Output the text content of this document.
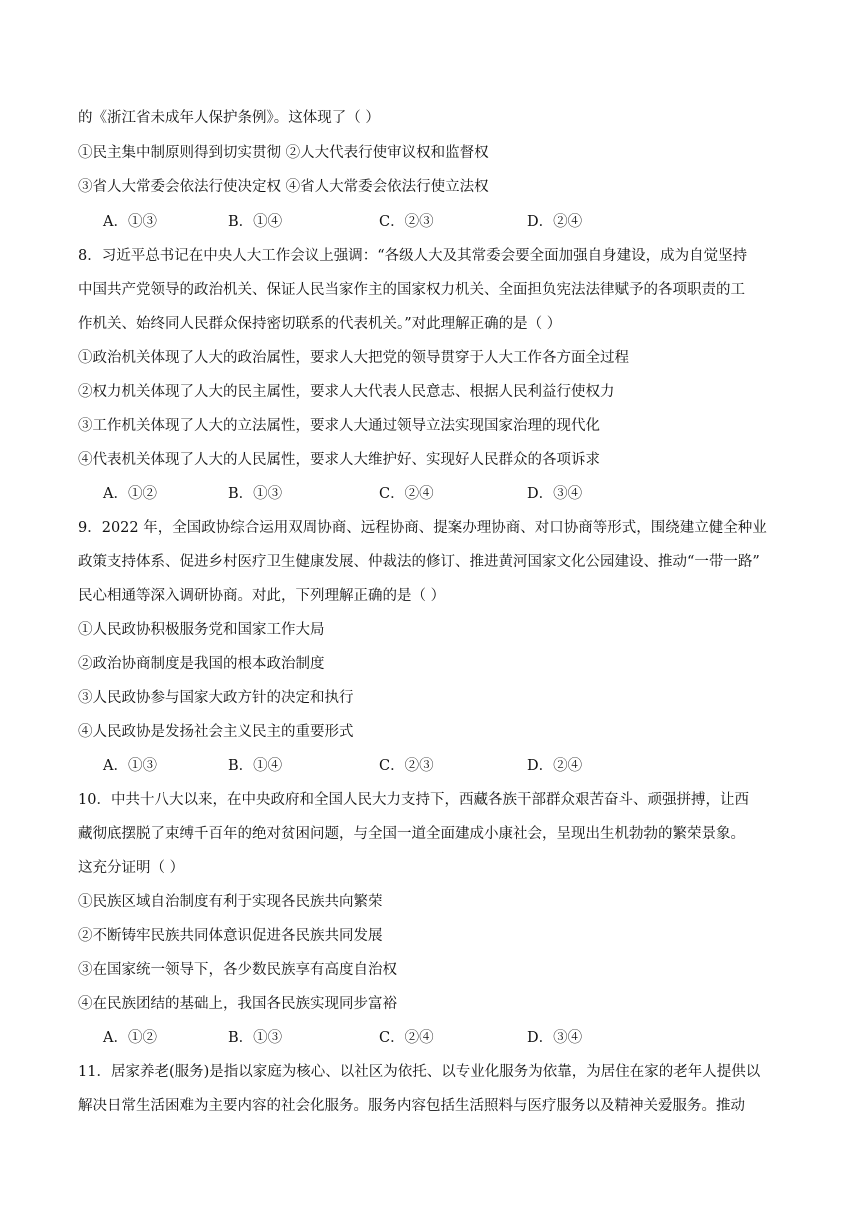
的《浙江省未成年人保护条例》。这体现了（ ）
①民主集中制原则得到切实贯彻 ②人大代表行使审议权和监督权
③省人大常委会依法行使决定权 ④省人大常委会依法行使立法权
A．①③	B．①④	C．②③	D．②④
8．习近平总书记在中央人大工作会议上强调：“各级人大及其常委会要全面加强自身建设，成为自觉坚持
中国共产党领导的政治机关、保证人民当家作主的国家权力机关、全面担负宪法法律赋予的各项职责的工
作机关、始终同人民群众保持密切联系的代表机关。”对此理解正确的是（ ）
①政治机关体现了人大的政治属性，要求人大把党的领导贯穿于人大工作各方面全过程
②权力机关体现了人大的民主属性，要求人大代表人民意志、根据人民利益行使权力
③工作机关体现了人大的立法属性，要求人大通过领导立法实现国家治理的现代化
④代表机关体现了人大的人民属性，要求人大维护好、实现好人民群众的各项诉求
A．①②	B．①③	C．②④	D．③④
9．2022 年，全国政协综合运用双周协商、远程协商、提案办理协商、对口协商等形式，围绕建立健全种业
政策支持体系、促进乡村医疗卫生健康发展、仲裁法的修订、推进黄河国家文化公园建设、推动“一带一路”
民心相通等深入调研协商。对此，下列理解正确的是（ ）
①人民政协积极服务党和国家工作大局
②政治协商制度是我国的根本政治制度
③人民政协参与国家大政方针的决定和执行
④人民政协是发扬社会主义民主的重要形式
A．①③	B．①④	C．②③	D．②④
10．中共十八大以来，在中央政府和全国人民大力支持下，西藏各族干部群众艰苦奋斗、顽强拼搏，让西
藏彻底摆脱了束缚千百年的绝对贫困问题，与全国一道全面建成小康社会，呈现出生机勃勃的繁荣景象。
这充分证明（ ）
①民族区域自治制度有利于实现各民族共向繁荣
②不断铸牢民族共同体意识促进各民族共同发展
③在国家统一领导下，各少数民族享有高度自治权
④在民族团结的基础上，我国各民族实现同步富裕
A．①②	B．①③	C．②④	D．③④
11．居家养老(服务)是指以家庭为核心、以社区为依托、以专业化服务为依靠，为居住在家的老年人提供以
解决日常生活困难为主要内容的社会化服务。服务内容包括生活照料与医疗服务以及精神关爱服务。推动
